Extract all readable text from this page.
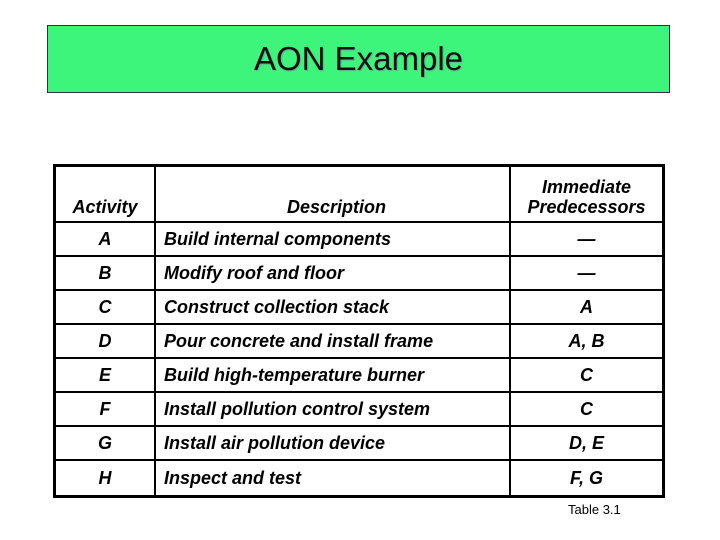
AON Example
Activity	Description	Immediate
Predecessors
A	Build internal components	—
B	Modify roof and floor	—
C	Construct collection stack	A
D	Pour concrete and install frame	A, B
E	Build high-temperature burner	C
F	Install pollution control system	C
G	Install air pollution device	D, E
H	Inspect and test	F, G
Table 3.1
